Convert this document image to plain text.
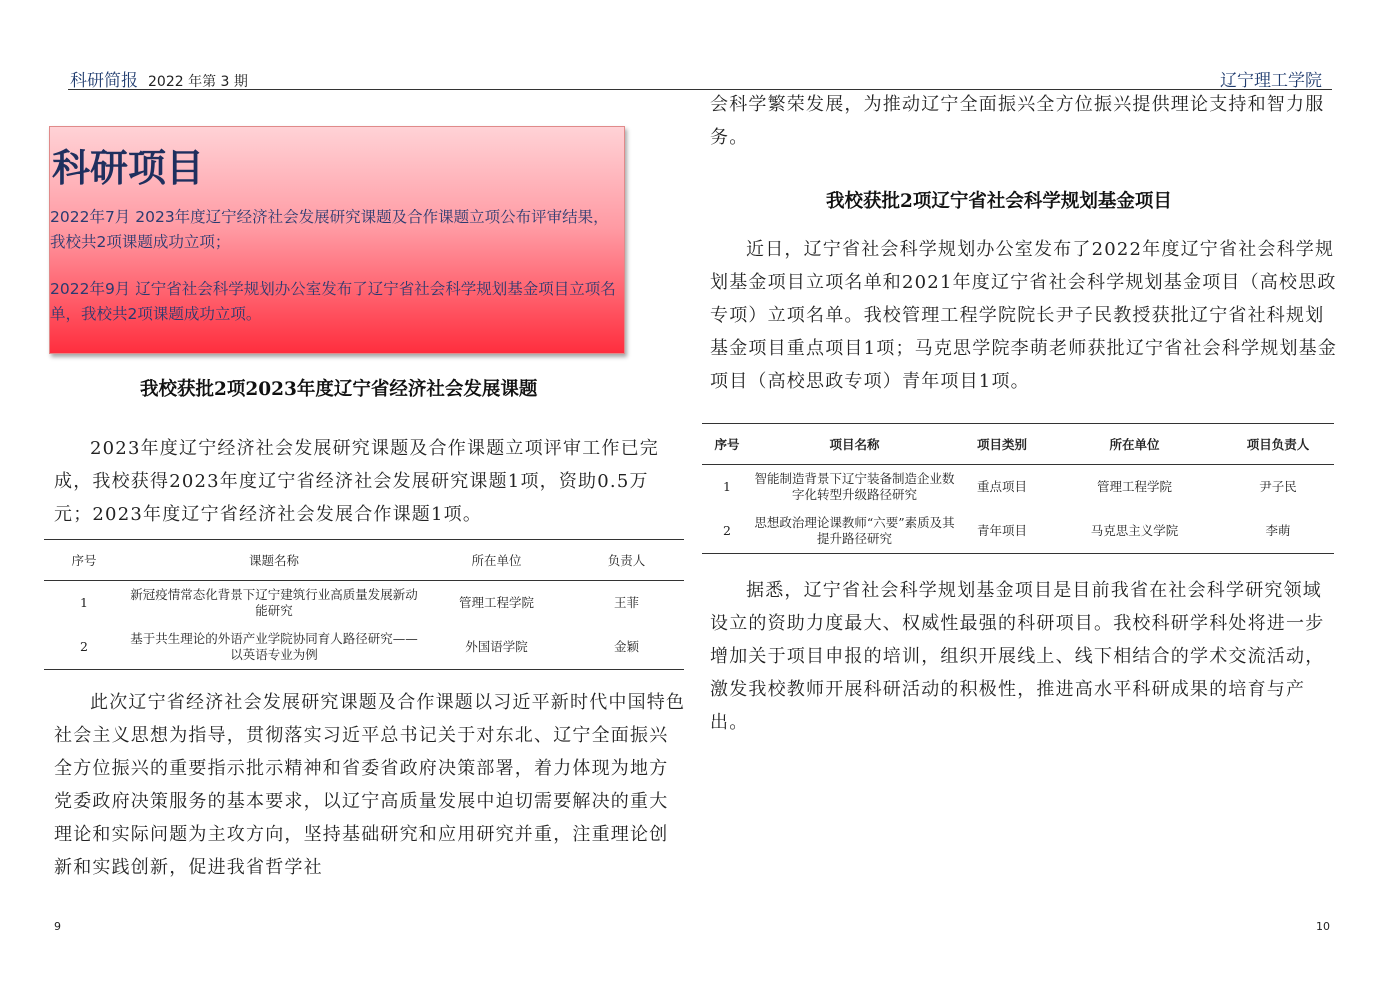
科研简报 2022 年第 3 期	辽宁理工学院
科研项目
2022年7月 2023年度辽宁经济社会发展研究课题及合作课题立项公布评审结果，我校共2项课题成功立项；
2022年9月 辽宁省社会科学规划办公室发布了辽宁省社会科学规划基金项目立项名单，我校共2项课题成功立项。
我校获批2项2023年度辽宁省经济社会发展课题
2023年度辽宁经济社会发展研究课题及合作课题立项评审工作已完成，我校获得2023年度辽宁省经济社会发展研究课题1项，资助0.5万元；2023年度辽宁省经济社会发展合作课题1项。
序号	课题名称	所在单位	负责人
1	新冠疫情常态化背景下辽宁建筑行业高质量发展新动能研究	管理工程学院	王菲
2	基于共生理论的外语产业学院协同育人路径研究——以英语专业为例	外国语学院	金颖
此次辽宁省经济社会发展研究课题及合作课题以习近平新时代中国特色社会主义思想为指导，贯彻落实习近平总书记关于对东北、辽宁全面振兴全方位振兴的重要指示批示精神和省委省政府决策部署，着力体现为地方党委政府决策服务的基本要求，以辽宁高质量发展中迫切需要解决的重大理论和实际问题为主攻方向，坚持基础研究和应用研究并重，注重理论创新和实践创新，促进我省哲学社
会科学繁荣发展，为推动辽宁全面振兴全方位振兴提供理论支持和智力服务。
我校获批2项辽宁省社会科学规划基金项目
近日，辽宁省社会科学规划办公室发布了2022年度辽宁省社会科学规划基金项目立项名单和2021年度辽宁省社会科学规划基金项目（高校思政专项）立项名单。我校管理工程学院院长尹子民教授获批辽宁省社科规划基金项目重点项目1项；马克思学院李萌老师获批辽宁省社会科学规划基金项目（高校思政专项）青年项目1项。
序号	项目名称	项目类别	所在单位	项目负责人
1	智能制造背景下辽宁装备制造企业数字化转型升级路径研究	重点项目	管理工程学院	尹子民
2	思想政治理论课教师“六要”素质及其提升路径研究	青年项目	马克思主义学院	李萌
据悉，辽宁省社会科学规划基金项目是目前我省在社会科学研究领域设立的资助力度最大、权威性最强的科研项目。我校科研学科处将进一步增加关于项目申报的培训，组织开展线上、线下相结合的学术交流活动，激发我校教师开展科研活动的积极性，推进高水平科研成果的培育与产出。
9	10
